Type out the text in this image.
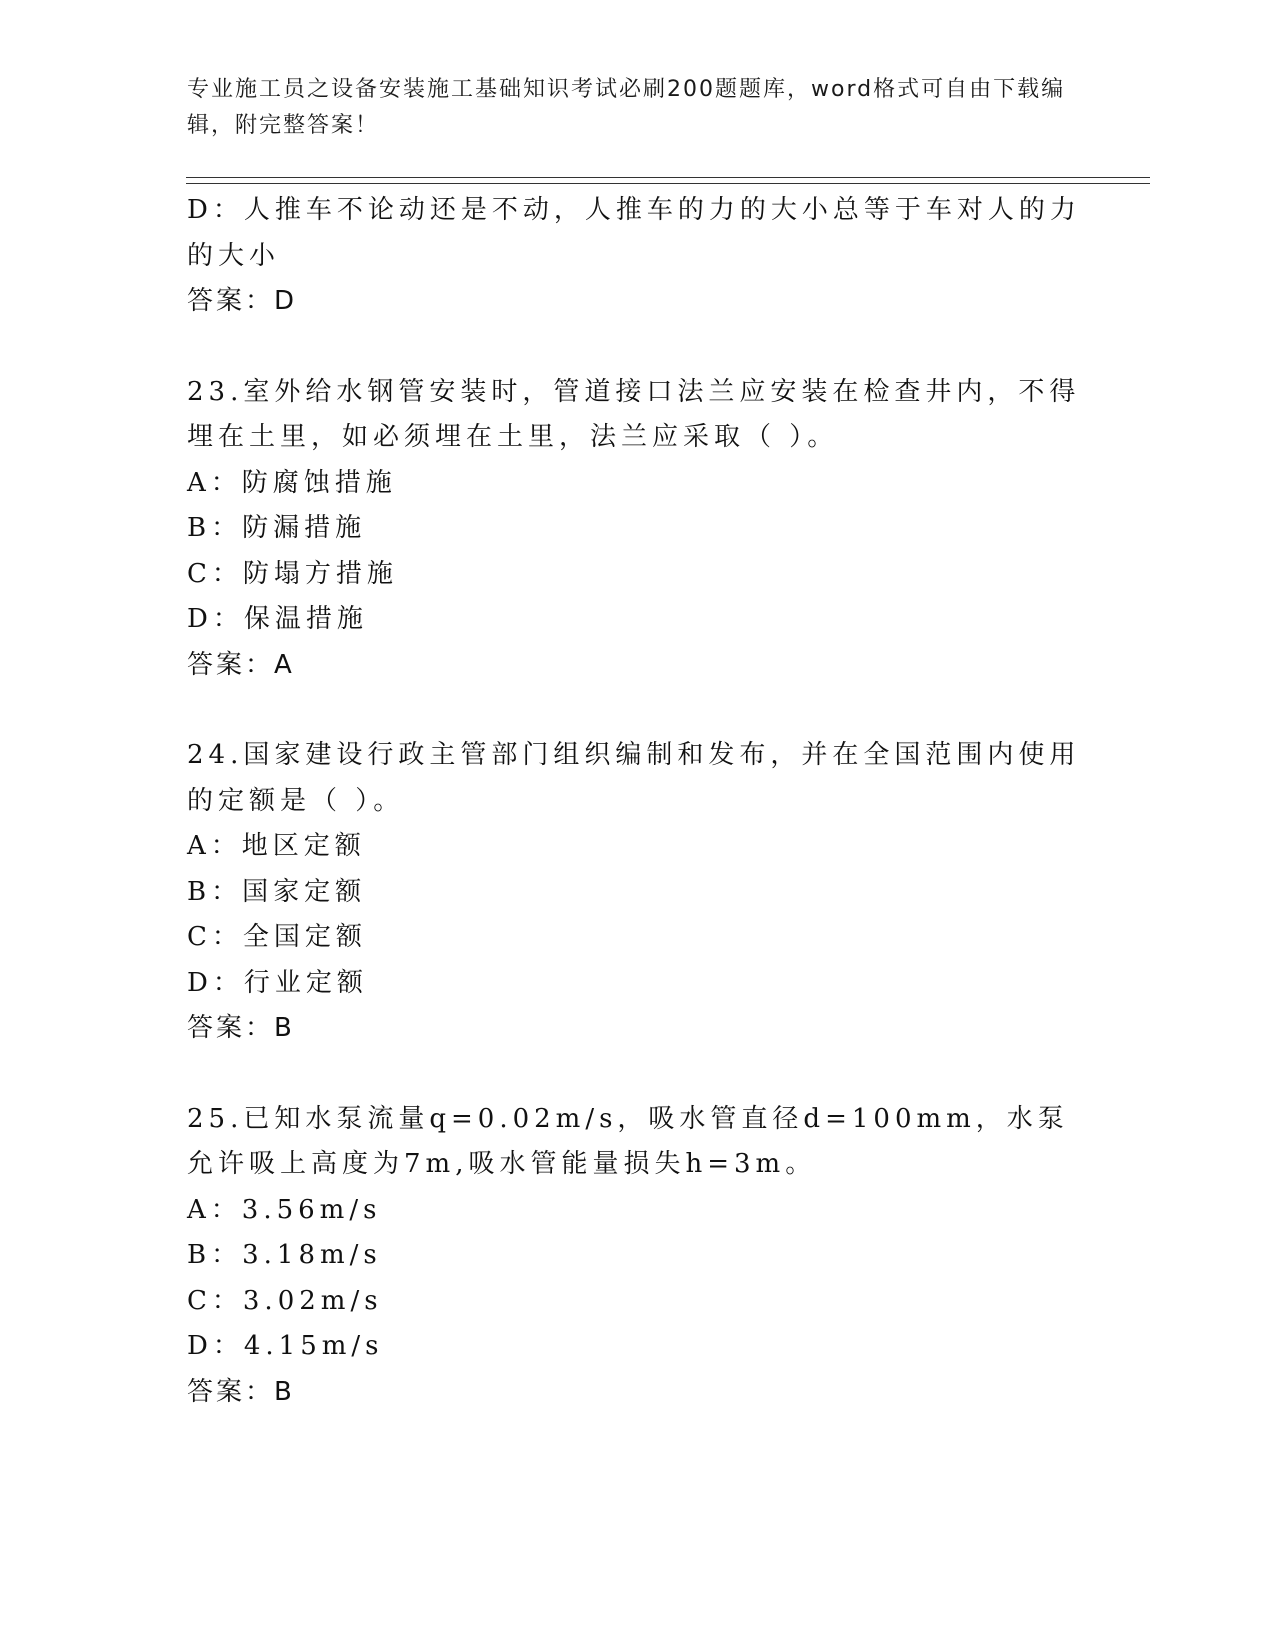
专业施工员之设备安装施工基础知识考试必刷200题题库，word格式可自由下载编辑，附完整答案！
D：人推车不论动还是不动，人推车的力的大小总等于车对人的力的大小
答案：D
23.室外给水钢管安装时，管道接口法兰应安装在检查井内，不得埋在土里，如必须埋在土里，法兰应采取（ ）。
A：防腐蚀措施
B：防漏措施
C：防塌方措施
D：保温措施
答案：A
24.国家建设行政主管部门组织编制和发布，并在全国范围内使用的定额是（ ）。
A：地区定额
B：国家定额
C：全国定额
D：行业定额
答案：B
25.已知水泵流量q=0.02m/s，吸水管直径d=100mm，水泵允许吸上高度为7m,吸水管能量损失h=3m。
A：3.56m/s
B：3.18m/s
C：3.02m/s
D：4.15m/s
答案：B
